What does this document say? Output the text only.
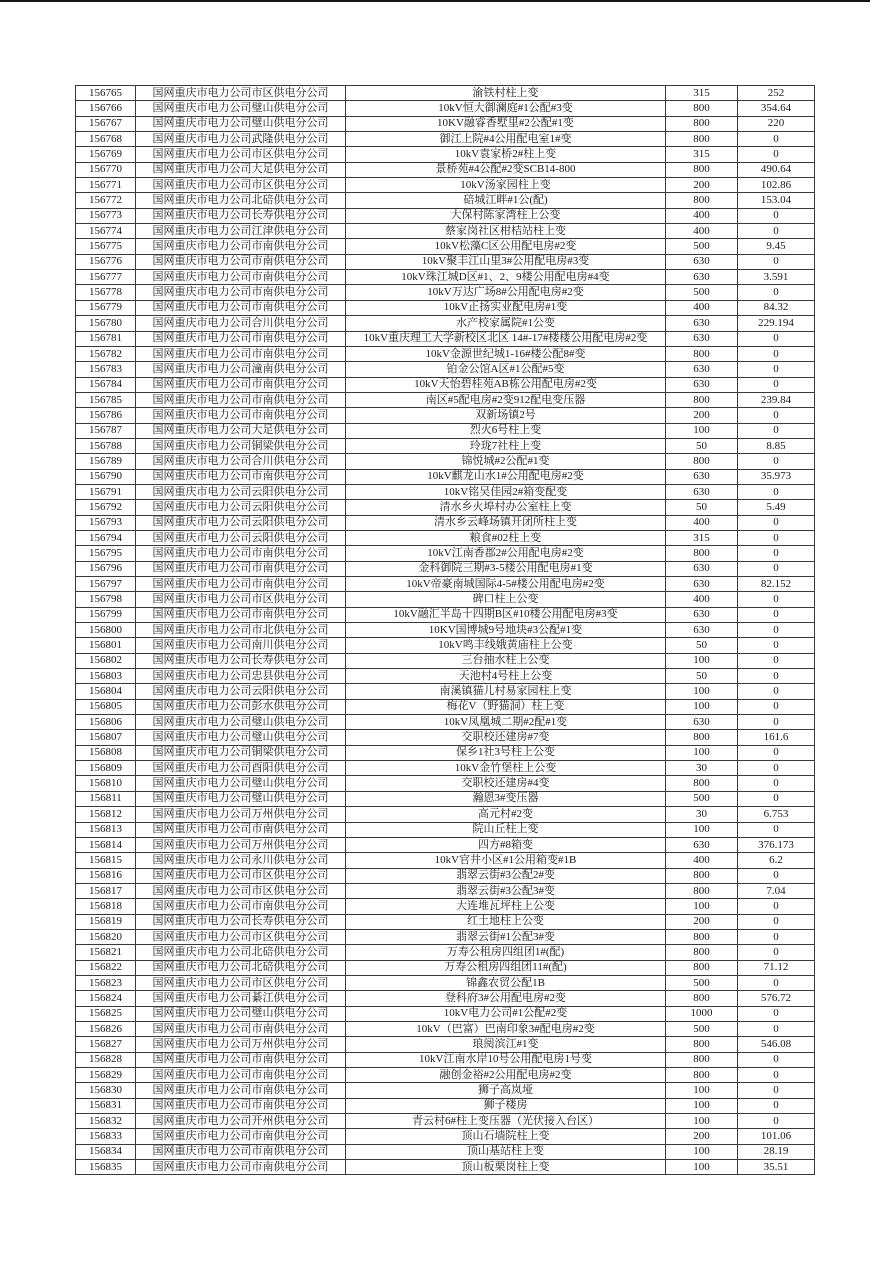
156765	国网重庆市电力公司市区供电分公司	渝铁村柱上变	315	252
156766	国网重庆市电力公司璧山供电分公司	10kV恒大御澜庭#1公配#3变	800	354.64
156767	国网重庆市电力公司璧山供电分公司	10KV融睿香墅里#2公配#1变	800	220
156768	国网重庆市电力公司武隆供电分公司	御江上院#4公用配电室1#变	800	0
156769	国网重庆市电力公司市区供电分公司	10kV袁家桥2#柱上变	315	0
156770	国网重庆市电力公司大足供电分公司	景桥苑#4公配#2变SCB14-800	800	490.64
156771	国网重庆市电力公司市区供电分公司	10kV汤家园柱上变	200	102.86
156772	国网重庆市电力公司北碚供电分公司	碚城江畔#1公(配)	800	153.04
156773	国网重庆市电力公司长寿供电分公司	大保村陈家湾柱上公变	400	0
156774	国网重庆市电力公司江津供电分公司	蔡家岗社区柑桔站柱上变	400	0
156775	国网重庆市电力公司市南供电分公司	10kV松藻C区公用配电房#2变	500	9.45
156776	国网重庆市电力公司市南供电分公司	10kV聚丰江山里3#公用配电房#3变	630	0
156777	国网重庆市电力公司市南供电分公司	10kV珠江城D区#1、2、9楼公用配电房#4变	630	3.591
156778	国网重庆市电力公司市南供电分公司	10kV万达广场8#公用配电房#2变	500	0
156779	国网重庆市电力公司市南供电分公司	10kV正扬实业配电房#1变	400	84.32
156780	国网重庆市电力公司合川供电分公司	水产校家属院#1公变	630	229.194
156781	国网重庆市电力公司市南供电分公司	10kV重庆理工大学新校区北区 14#-17#楼楼公用配电房#2变	630	0
156782	国网重庆市电力公司市南供电分公司	10kV金源世纪城1-16#楼公配8#变	800	0
156783	国网重庆市电力公司潼南供电分公司	铂金公馆A区#1公配#5变	630	0
156784	国网重庆市电力公司市南供电分公司	10kV天怡碧桂苑AB栋公用配电房#2变	630	0
156785	国网重庆市电力公司市南供电分公司	南区#5配电房#2变912配电变压器	800	239.84
156786	国网重庆市电力公司市南供电分公司	双新场镇2号	200	0
156787	国网重庆市电力公司大足供电分公司	烈火6号柱上变	100	0
156788	国网重庆市电力公司铜梁供电分公司	玲珑7社柱上变	50	8.85
156789	国网重庆市电力公司合川供电分公司	锦悦城#2公配#1变	800	0
156790	国网重庆市电力公司市南供电分公司	10kV麒龙山水1#公用配电房#2变	630	35.973
156791	国网重庆市电力公司云阳供电分公司	10kV铭吴佳园2#箱变配变	630	0
156792	国网重庆市电力公司云阳供电分公司	清水乡火埠村办公室柱上变	50	5.49
156793	国网重庆市电力公司云阳供电分公司	清水乡云峰场镇开闭所柱上变	400	0
156794	国网重庆市电力公司云阳供电分公司	粮食#02柱上变	315	0
156795	国网重庆市电力公司市南供电分公司	10kV江南香郡2#公用配电房#2变	800	0
156796	国网重庆市电力公司市南供电分公司	金科御院三期#3-5楼公用配电房#1变	630	0
156797	国网重庆市电力公司市南供电分公司	10kV帝豪南城国际4-5#楼公用配电房#2变	630	82.152
156798	国网重庆市电力公司市区供电分公司	碑口柱上公变	400	0
156799	国网重庆市电力公司市南供电分公司	10kV融汇半岛十四期B区#10楼公用配电房#3变	630	0
156800	国网重庆市电力公司市北供电分公司	10KV国博城9号地块#3公配#1变	630	0
156801	国网重庆市电力公司南川供电分公司	10kV鸣丰线娥黄庙柱上公变	50	0
156802	国网重庆市电力公司长寿供电分公司	三台抽水柱上公变	100	0
156803	国网重庆市电力公司忠县供电分公司	天池村4号柱上公变	50	0
156804	国网重庆市电力公司云阳供电分公司	南溪镇猫儿村易家园柱上变	100	0
156805	国网重庆市电力公司彭水供电分公司	梅花V（野猫洞）柱上变	100	0
156806	国网重庆市电力公司璧山供电分公司	10kV凤凰城二期#2配#1变	630	0
156807	国网重庆市电力公司璧山供电分公司	交职校还建房#7变	800	161.6
156808	国网重庆市电力公司铜梁供电分公司	保乡1社3号柱上公变	100	0
156809	国网重庆市电力公司酉阳供电分公司	10kV金竹堡柱上公变	30	0
156810	国网重庆市电力公司璧山供电分公司	交职校还建房#4变	800	0
156811	国网重庆市电力公司璧山供电分公司	瀚恩3#变压器	500	0
156812	国网重庆市电力公司万州供电分公司	高元村#2变	30	6.753
156813	国网重庆市电力公司市南供电分公司	院山丘柱上变	100	0
156814	国网重庆市电力公司万州供电分公司	四方#8箱变	630	376.173
156815	国网重庆市电力公司永川供电分公司	10kV官井小区#1公用箱变#1B	400	6.2
156816	国网重庆市电力公司市区供电分公司	翡翠云街#3公配2#变	800	0
156817	国网重庆市电力公司市区供电分公司	翡翠云街#3公配3#变	800	7.04
156818	国网重庆市电力公司市南供电分公司	大连堆瓦坪柱上公变	100	0
156819	国网重庆市电力公司长寿供电分公司	红土地柱上公变	200	0
156820	国网重庆市电力公司市区供电分公司	翡翠云街#1公配3#变	800	0
156821	国网重庆市电力公司北碚供电分公司	万寿公租房四组团1#(配)	800	0
156822	国网重庆市电力公司北碚供电分公司	万寿公租房四组团11#(配)	800	71.12
156823	国网重庆市电力公司市区供电分公司	锦鑫农贸公配1B	500	0
156824	国网重庆市电力公司綦江供电分公司	登科府3#公用配电房#2变	800	576.72
156825	国网重庆市电力公司璧山供电分公司	10kV电力公司#1公配#2变	1000	0
156826	国网重庆市电力公司市南供电分公司	10kV（巴富）巴南印象3#配电房#2变	500	0
156827	国网重庆市电力公司万州供电分公司	琅阅滨江#1变	800	546.08
156828	国网重庆市电力公司市南供电分公司	10kV江南水岸10号公用配电房1号变	800	0
156829	国网重庆市电力公司市南供电分公司	融创金裕#2公用配电房#2变	800	0
156830	国网重庆市电力公司市南供电分公司	狮子高岚垭	100	0
156831	国网重庆市电力公司市南供电分公司	狮子楼房	100	0
156832	国网重庆市电力公司开州供电分公司	青云村6#柱上变压器（光伏接入台区）	100	0
156833	国网重庆市电力公司市南供电分公司	顶山石墙院柱上变	200	101.06
156834	国网重庆市电力公司市南供电分公司	顶山基站柱上变	100	28.19
156835	国网重庆市电力公司市南供电分公司	顶山板栗岗柱上变	100	35.51
